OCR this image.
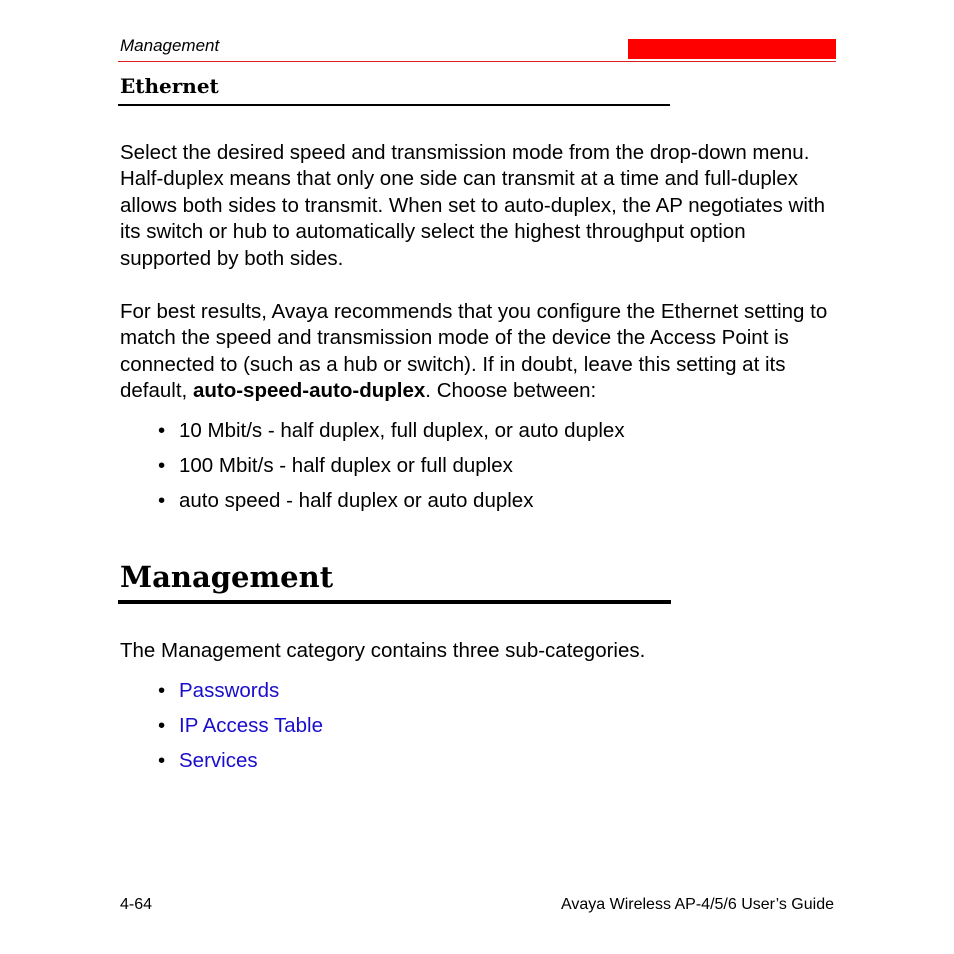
Management
Ethernet

Select the desired speed and transmission mode from the drop-down menu. Half-duplex means that only one side can transmit at a time and full-duplex allows both sides to transmit. When set to auto-duplex, the AP negotiates with its switch or hub to automatically select the highest throughput option supported by both sides.

For best results, Avaya recommends that you configure the Ethernet setting to match the speed and transmission mode of the device the Access Point is connected to (such as a hub or switch). If in doubt, leave this setting at its default, auto-speed-auto-duplex. Choose between:

• 10 Mbit/s - half duplex, full duplex, or auto duplex
• 100 Mbit/s - half duplex or full duplex
• auto speed - half duplex or auto duplex
Management

The Management category contains three sub-categories.

• Passwords
• IP Access Table
• Services
4-64	Avaya Wireless AP-4/5/6 User’s Guide
